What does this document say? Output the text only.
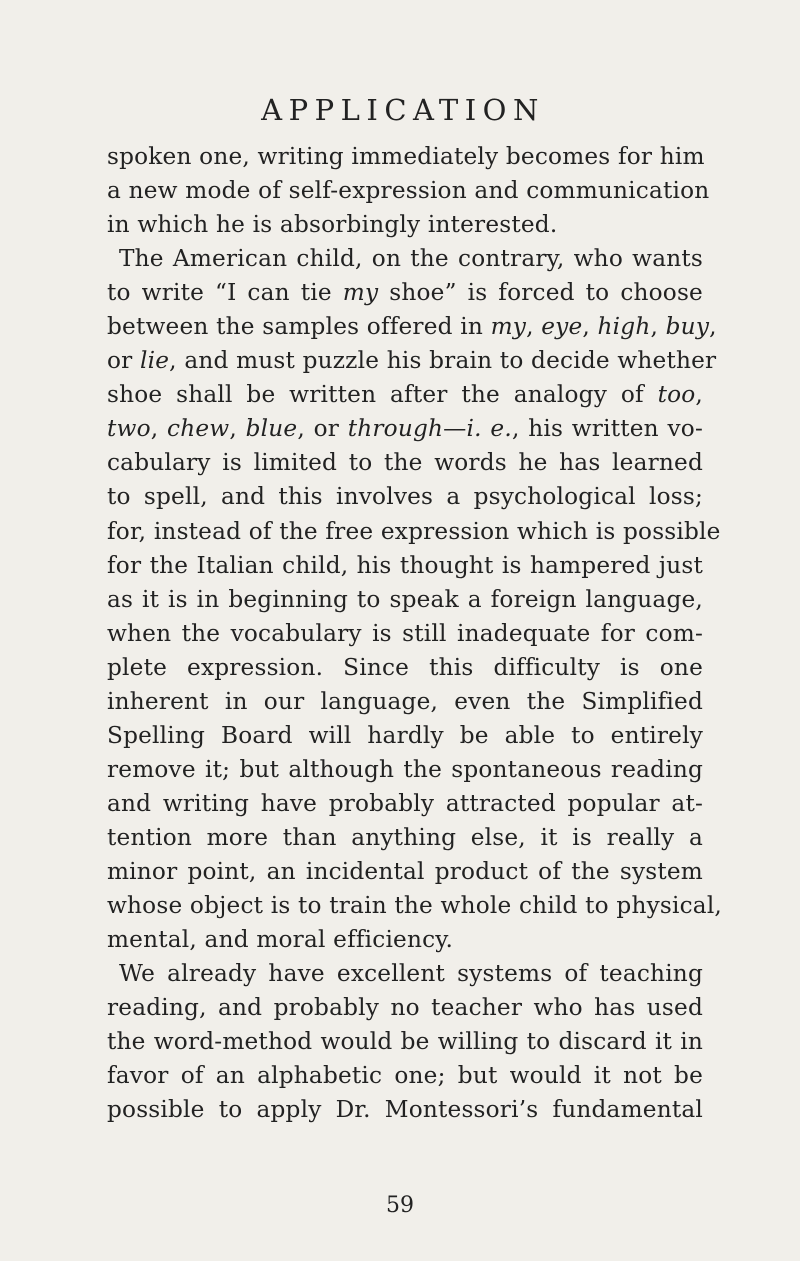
APPLICATION
spoken one, writing immediately becomes for him
a new mode of self-expression and communication
in which he is absorbingly interested.
The American child, on the contrary, who wants
to write “I can tie my shoe” is forced to choose
between the samples offered in my, eye, high, buy,
or lie, and must puzzle his brain to decide whether
shoe shall be written after the analogy of too,
two, chew, blue, or through—i. e., his written vo-
cabulary is limited to the words he has learned
to spell, and this involves a psychological loss;
for, instead of the free expression which is possible
for the Italian child, his thought is hampered just
as it is in beginning to speak a foreign language,
when the vocabulary is still inadequate for com-
plete expression. Since this difficulty is one
inherent in our language, even the Simplified
Spelling Board will hardly be able to entirely
remove it; but although the spontaneous reading
and writing have probably attracted popular at-
tention more than anything else, it is really a
minor point, an incidental product of the system
whose object is to train the whole child to physical,
mental, and moral efficiency.
We already have excellent systems of teaching
reading, and probably no teacher who has used
the word-method would be willing to discard it in
favor of an alphabetic one; but would it not be
possible to apply Dr. Montessori’s fundamental
59
